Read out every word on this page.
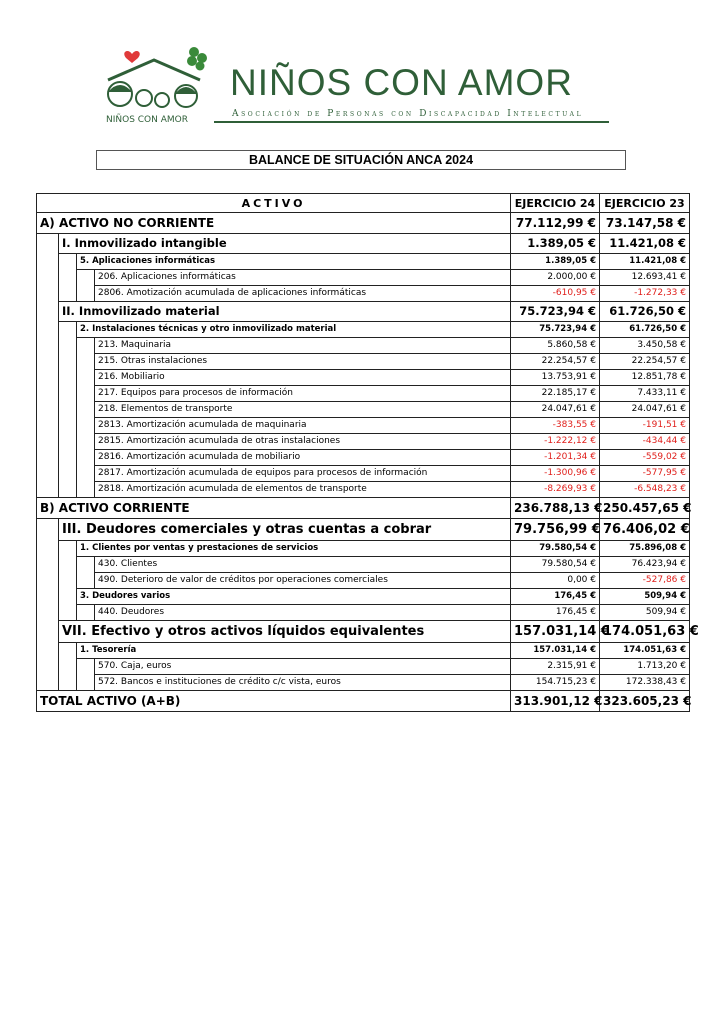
NIÑOS CON AMOR
NIÑOS CON AMOR
Asociación de Personas con Discapacidad Intelectual
BALANCE DE SITUACIÓN ANCA 2024
ACTIVO				EJERCICIO 24	EJERCICIO 23
A) ACTIVO NO CORRIENTE				77.112,99 €	73.147,58 €
	I. Inmovilizado intangible			1.389,05 €	11.421,08 €
		5. Aplicaciones informáticas		1.389,05 €	11.421,08 €
			206. Aplicaciones informáticas	2.000,00 €	12.693,41 €
			2806. Amotización acumulada de aplicaciones informáticas	-610,95 €	-1.272,33 €
	II. Inmovilizado material			75.723,94 €	61.726,50 €
		2. Instalaciones técnicas y otro inmovilizado material		75.723,94 €	61.726,50 €
			213. Maquinaria	5.860,58 €	3.450,58 €
			215. Otras instalaciones	22.254,57 €	22.254,57 €
			216. Mobiliario	13.753,91 €	12.851,78 €
			217. Equipos para procesos de información	22.185,17 €	7.433,11 €
			218. Elementos de transporte	24.047,61 €	24.047,61 €
			2813. Amortización acumulada de maquinaria	-383,55 €	-191,51 €
			2815. Amortización acumulada de otras instalaciones	-1.222,12 €	-434,44 €
			2816. Amortización acumulada de mobiliario	-1.201,34 €	-559,02 €
			2817. Amortización acumulada de equipos para procesos de información	-1.300,96 €	-577,95 €
			2818. Amortización acumulada de elementos de transporte	-8.269,93 €	-6.548,23 €
B) ACTIVO CORRIENTE				236.788,13 €	250.457,65 €
	III. Deudores comerciales y otras cuentas a cobrar			79.756,99 €	76.406,02 €
		1. Clientes por ventas y prestaciones de servicios		79.580,54 €	75.896,08 €
			430. Clientes	79.580,54 €	76.423,94 €
			490. Deterioro de valor de créditos por operaciones comerciales	0,00 €	-527,86 €
		3. Deudores varios		176,45 €	509,94 €
			440. Deudores	176,45 €	509,94 €
	VII. Efectivo y otros activos líquidos equivalentes			157.031,14 €	174.051,63 €
		1. Tesorería		157.031,14 €	174.051,63 €
			570. Caja, euros	2.315,91 €	1.713,20 €
			572. Bancos e instituciones de crédito c/c vista, euros	154.715,23 €	172.338,43 €
TOTAL ACTIVO (A+B)				313.901,12 €	323.605,23 €
